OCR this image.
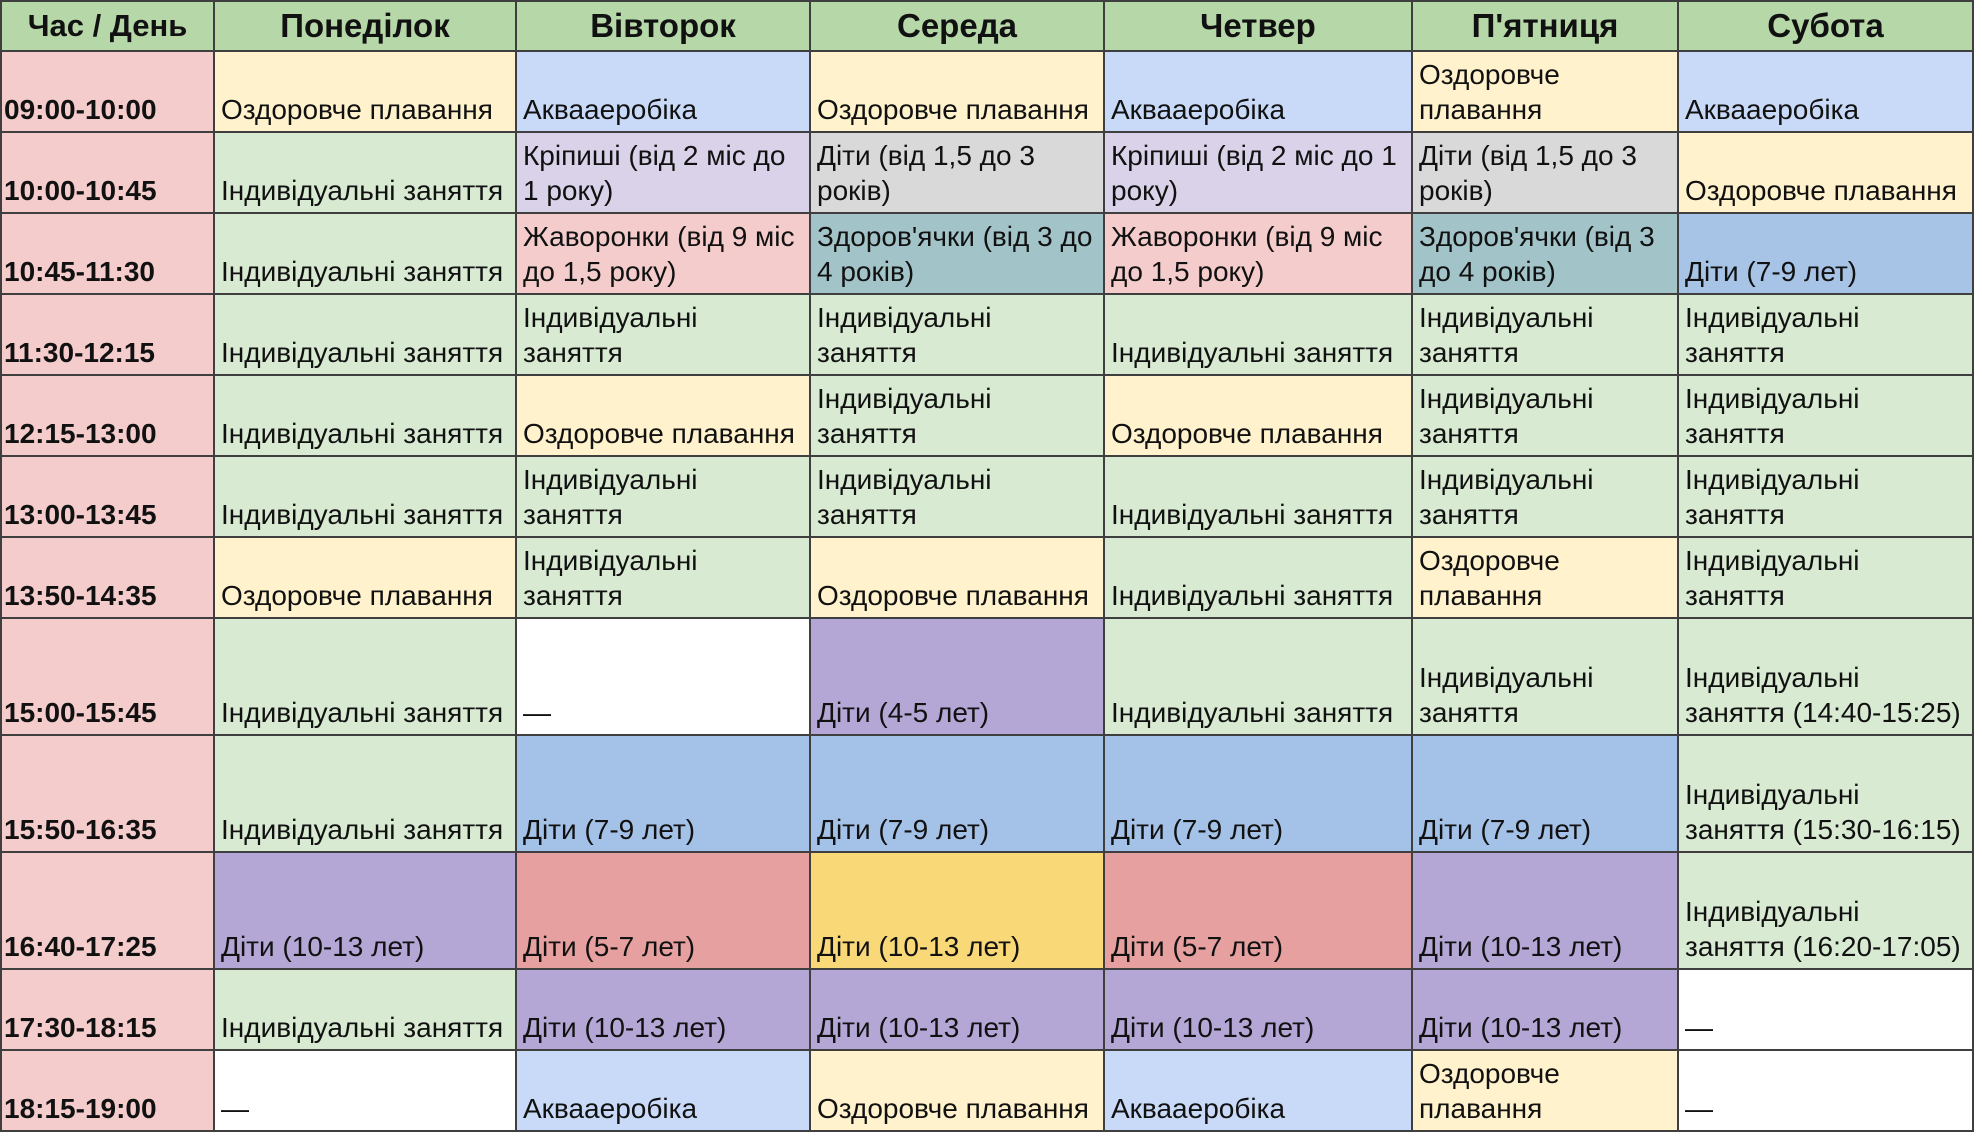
Час / День	Понеділок	Вівторок	Середа	Четвер	П'ятниця	Субота
09:00-10:00	Оздоровче плавання	Аквааеробіка	Оздоровче плавання	Аквааеробіка	Оздоровче плавання	Аквааеробіка
10:00-10:45	Індивідуальні заняття	Кріпиші (від 2 міс до 1 року)	Діти (від 1,5 до 3 років)	Кріпиші (від 2 міс до 1 року)	Діти (від 1,5 до 3 років)	Оздоровче плавання
10:45-11:30	Індивідуальні заняття	Жаворонки (від 9 міс до 1,5 року)	Здоров'ячки (від 3 до 4 років)	Жаворонки (від 9 міс до 1,5 року)	Здоров'ячки (від 3 до 4 років)	Діти (7-9 лет)
11:30-12:15	Індивідуальні заняття	Індивідуальні заняття	Індивідуальні заняття	Індивідуальні заняття	Індивідуальні заняття	Індивідуальні заняття
12:15-13:00	Індивідуальні заняття	Оздоровче плавання	Індивідуальні заняття	Оздоровче плавання	Індивідуальні заняття	Індивідуальні заняття
13:00-13:45	Індивідуальні заняття	Індивідуальні заняття	Індивідуальні заняття	Індивідуальні заняття	Індивідуальні заняття	Індивідуальні заняття
13:50-14:35	Оздоровче плавання	Індивідуальні заняття	Оздоровче плавання	Індивідуальні заняття	Оздоровче плавання	Індивідуальні заняття
15:00-15:45	Індивідуальні заняття	—	Діти (4-5 лет)	Індивідуальні заняття	Індивідуальні заняття	Індивідуальні заняття (14:40-15:25)
15:50-16:35	Індивідуальні заняття	Діти (7-9 лет)	Діти (7-9 лет)	Діти (7-9 лет)	Діти (7-9 лет)	Індивідуальні заняття (15:30-16:15)
16:40-17:25	Діти (10-13 лет)	Діти (5-7 лет)	Діти (10-13 лет)	Діти (5-7 лет)	Діти (10-13 лет)	Індивідуальні заняття (16:20-17:05)
17:30-18:15	Індивідуальні заняття	Діти (10-13 лет)	Діти (10-13 лет)	Діти (10-13 лет)	Діти (10-13 лет)	—
18:15-19:00	—	Аквааеробіка	Оздоровче плавання	Аквааеробіка	Оздоровче плавання	—
